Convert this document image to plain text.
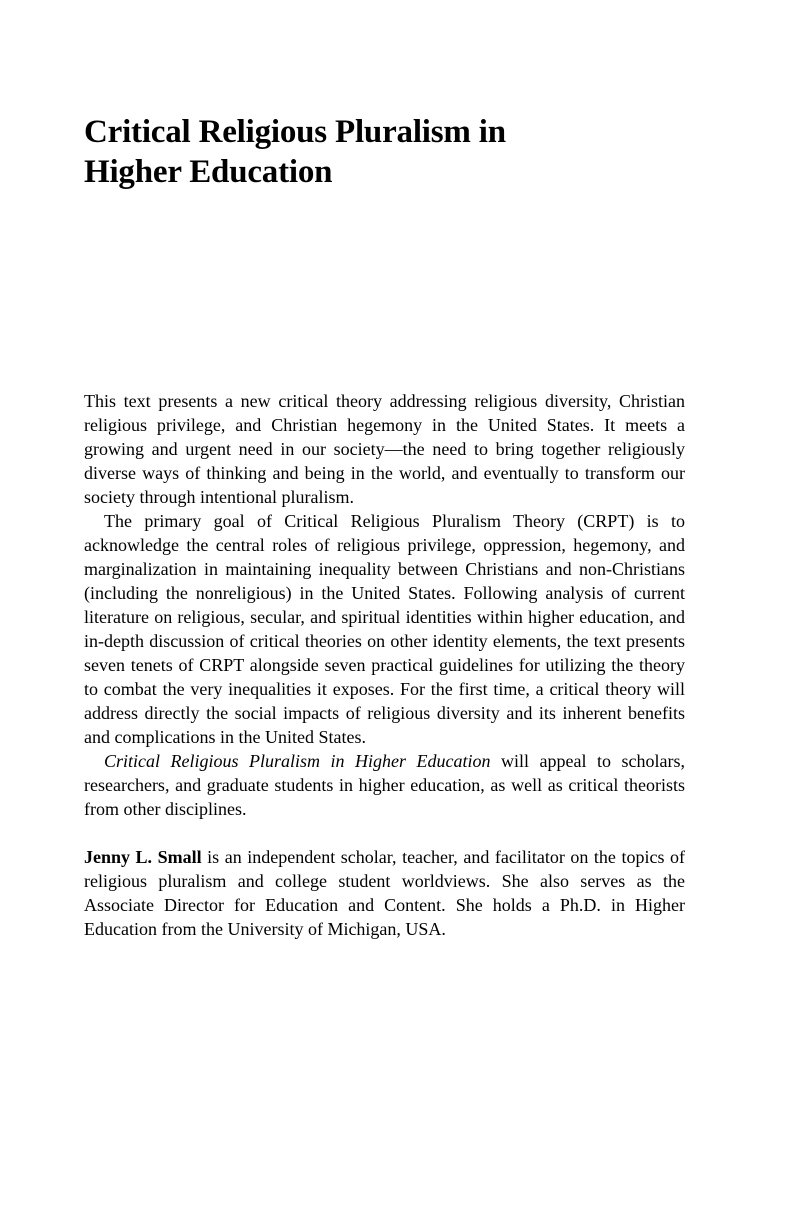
Critical Religious Pluralism in
Higher Education

This text presents a new critical theory addressing religious diversity, Christian religious privilege, and Christian hegemony in the United States. It meets a growing and urgent need in our society—the need to bring together religiously diverse ways of thinking and being in the world, and eventually to transform our society through intentional pluralism.

The primary goal of Critical Religious Pluralism Theory (CRPT) is to acknowledge the central roles of religious privilege, oppression, hegemony, and marginalization in maintaining inequality between Christians and non-Christians (including the nonreligious) in the United States. Following analysis of current literature on religious, secular, and spiritual identities within higher education, and in-depth discussion of critical theories on other identity elements, the text presents seven tenets of CRPT alongside seven practical guidelines for utilizing the theory to combat the very inequalities it exposes. For the first time, a critical theory will address directly the social impacts of religious diversity and its inherent benefits and complications in the United States.

Critical Religious Pluralism in Higher Education will appeal to scholars, researchers, and graduate students in higher education, as well as critical theorists from other disciplines.

Jenny L. Small is an independent scholar, teacher, and facilitator on the topics of religious pluralism and college student worldviews. She also serves as the Associate Director for Education and Content. She holds a Ph.D. in Higher Education from the University of Michigan, USA.
